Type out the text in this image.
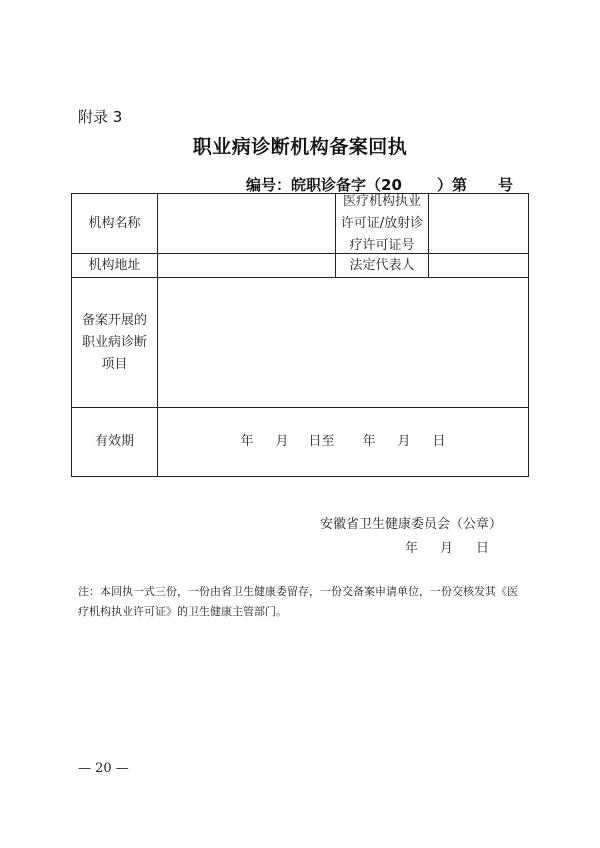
附录 3
职业病诊断机构备案回执
编号：皖职诊备字（20 ）第 号
机构名称
医疗机构执业许可证/放射诊疗许可证号
机构地址	法定代表人
备案开展的职业病诊断项目
有效期	年 月 日至 年 月 日
安徽省卫生健康委员会（公章）
年 月 日
注：本回执一式三份，一份由省卫生健康委留存，一份交备案申请单位，一份交核发其《医疗机构执业许可证》的卫生健康主管部门。
— 20 —
